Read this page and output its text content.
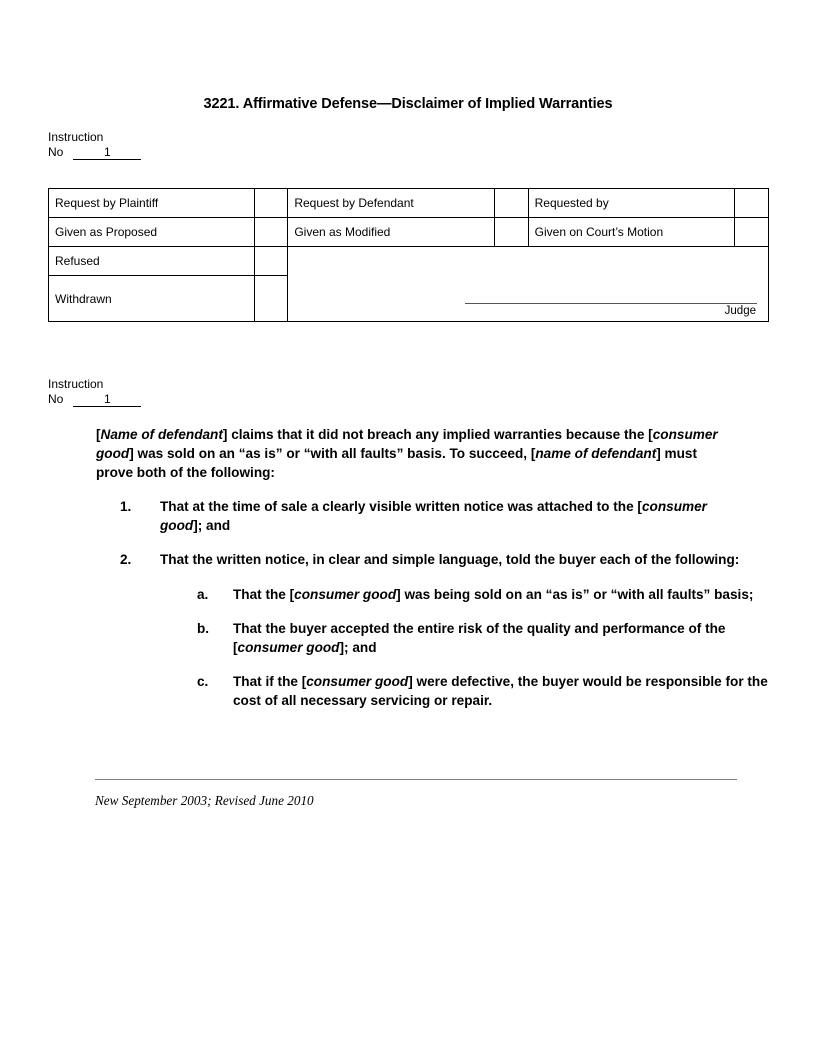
3221. Affirmative Defense—Disclaimer of Implied Warranties
Instruction
No	1
Request by Plaintiff		Request by Defendant		Requested by	
Given as Proposed		Given as Modified		Given on Court’s Motion	
Refused		Judge			

Withdrawn					
Instruction
No	1
[Name of defendant] claims that it did not breach any implied warranties because the [consumer good] was sold on an “as is” or “with all faults” basis. To succeed, [name of defendant] must prove both of the following:
1.	That at the time of sale a clearly visible written notice was attached to the [consumer good]; and
2.	That the written notice, in clear and simple language, told the buyer each of the following:
a.	That the [consumer good] was being sold on an “as is” or “with all faults” basis;
b.	That the buyer accepted the entire risk of the quality and performance of the [consumer good]; and
c.	That if the [consumer good] were defective, the buyer would be responsible for the cost of all necessary servicing or repair.
New September 2003; Revised June 2010
